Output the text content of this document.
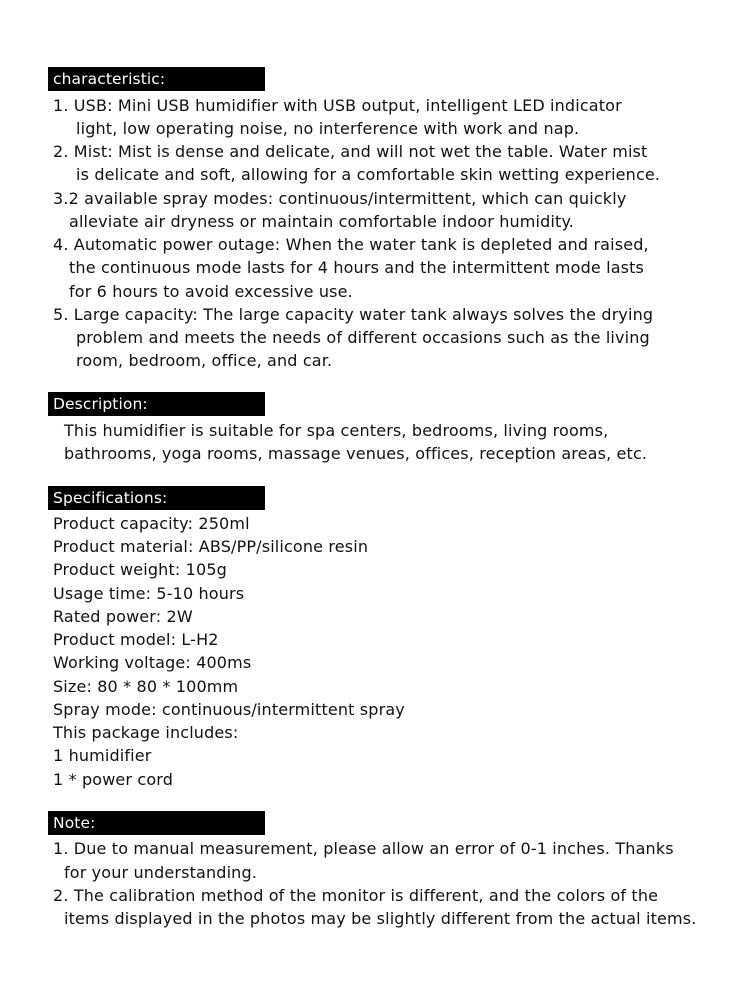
characteristic:
1. USB: Mini USB humidifier with USB output, intelligent LED indicator
light, low operating noise, no interference with work and nap.
2. Mist: Mist is dense and delicate, and will not wet the table. Water mist
is delicate and soft, allowing for a comfortable skin wetting experience.
3.2 available spray modes: continuous/intermittent, which can quickly
alleviate air dryness or maintain comfortable indoor humidity.
4. Automatic power outage: When the water tank is depleted and raised,
the continuous mode lasts for 4 hours and the intermittent mode lasts
for 6 hours to avoid excessive use.
5. Large capacity: The large capacity water tank always solves the drying
problem and meets the needs of different occasions such as the living
room, bedroom, office, and car.
Description:
This humidifier is suitable for spa centers, bedrooms, living rooms,
bathrooms, yoga rooms, massage venues, offices, reception areas, etc.
Specifications:
Product capacity: 250ml
Product material: ABS/PP/silicone resin
Product weight: 105g
Usage time: 5-10 hours
Rated power: 2W
Product model: L-H2
Working voltage: 400ms
Size: 80 * 80 * 100mm
Spray mode: continuous/intermittent spray
This package includes:
1 humidifier
1 * power cord
Note:
1. Due to manual measurement, please allow an error of 0-1 inches. Thanks
for your understanding.
2. The calibration method of the monitor is different, and the colors of the
items displayed in the photos may be slightly different from the actual items.
